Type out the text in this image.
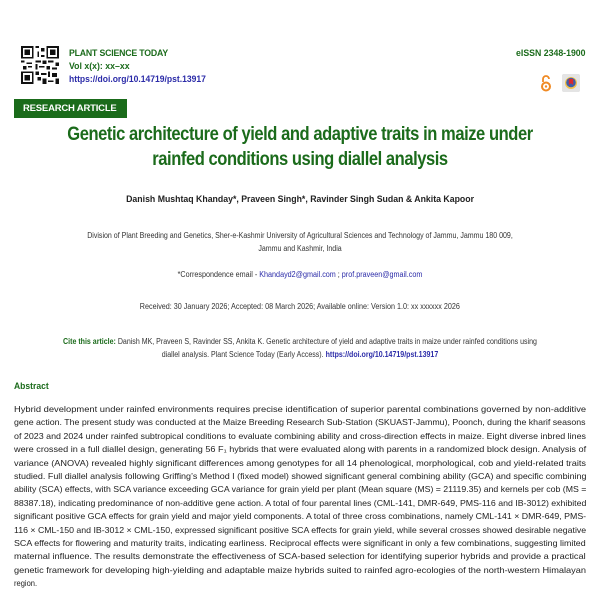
PLANT SCIENCE TODAY
Vol x(x): xx–xx
https://doi.org/10.14719/pst.13917
eISSN 2348-1900
RESEARCH ARTICLE
Genetic architecture of yield and adaptive traits in maize under
rainfed conditions using diallel analysis
Danish Mushtaq Khanday*, Praveen Singh*, Ravinder Singh Sudan & Ankita Kapoor
Division of Plant Breeding and Genetics, Sher-e-Kashmir University of Agricultural Sciences and Technology of Jammu, Jammu 180 009,
Jammu and Kashmir, India
*Correspondence email - Khandayd2@gmail.com ; prof.praveen@gmail.com
Received: 30 January 2026; Accepted: 08 March 2026; Available online: Version 1.0: xx xxxxxx 2026
Cite this article: Danish MK, Praveen S, Ravinder SS, Ankita K. Genetic architecture of yield and adaptive traits in maize under rainfed conditions using
diallel analysis. Plant Science Today (Early Access). https://doi.org/10.14719/pst.13917
Abstract
Hybrid development under rainfed environments requires precise identification of superior parental combinations governed by non-additive
gene action. The present study was conducted at the Maize Breeding Research Sub-Station (SKUAST-Jammu), Poonch, during the kharif seasons
of 2023 and 2024 under rainfed subtropical conditions to evaluate combining ability and cross-direction effects in maize. Eight diverse inbred lines
were crossed in a full diallel design, generating 56 F₁ hybrids that were evaluated along with parents in a randomized block design. Analysis of
variance (ANOVA) revealed highly significant differences among genotypes for all 14 phenological, morphological, cob and yield-related traits
studied. Full diallel analysis following Griffing’s Method I (fixed model) showed significant general combining ability (GCA) and specific combining
ability (SCA) effects, with SCA variance exceeding GCA variance for grain yield per plant (Mean square (MS) = 21119.35) and kernels per cob (MS =
88387.18), indicating predominance of non-additive gene action. A total of four parental lines (CML-141, DMR-649, PMS-116 and IB-3012) exhibited
significant positive GCA effects for grain yield and major yield components. A total of three cross combinations, namely CML-141 × DMR-649, PMS-
116 × CML-150 and IB-3012 × CML-150, expressed significant positive SCA effects for grain yield, while several crosses showed desirable negative
SCA effects for flowering and maturity traits, indicating earliness. Reciprocal effects were significant in only a few combinations, suggesting limited
maternal influence. The results demonstrate the effectiveness of SCA-based selection for identifying superior hybrids and provide a practical
genetic framework for developing high-yielding and adaptable maize hybrids suited to rainfed agro-ecologies of the north-western Himalayan
region.
